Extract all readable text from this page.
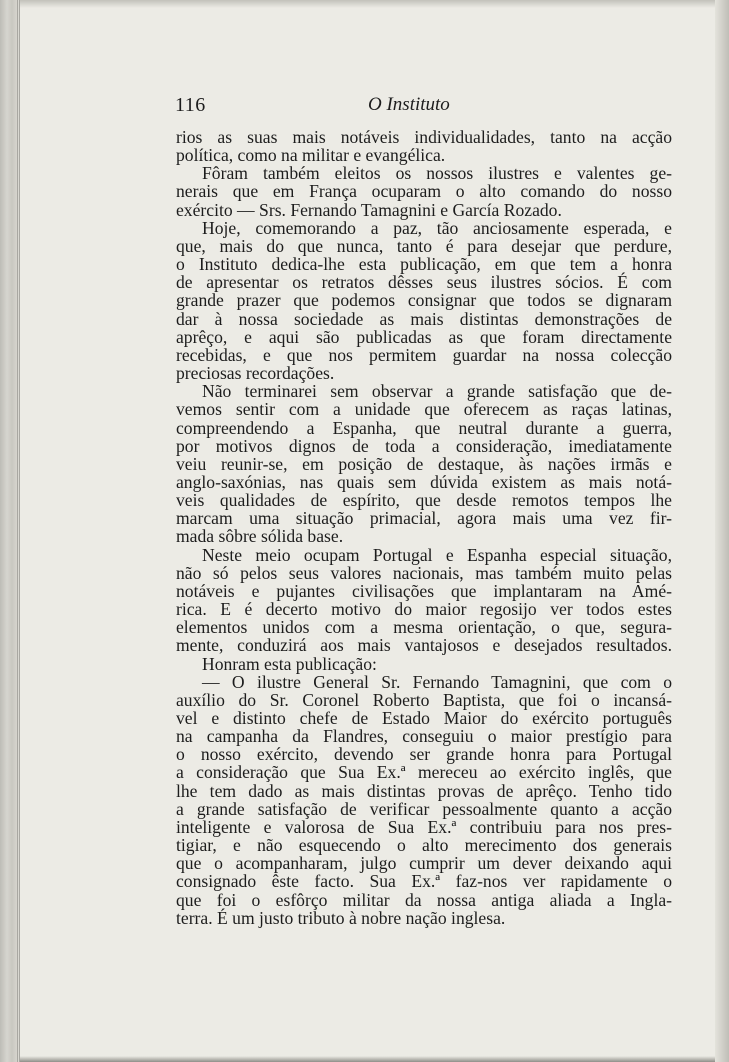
116	O Instituto
rios as suas mais notáveis individualidades, tanto na acção
política, como na militar e evangélica.
Fôram também eleitos os nossos ilustres e valentes ge-
nerais que em França ocuparam o alto comando do nosso
exército — Srs. Fernando Tamagnini e García Rozado.
Hoje, comemorando a paz, tão anciosamente esperada, e
que, mais do que nunca, tanto é para desejar que perdure,
o Instituto dedica-lhe esta publicação, em que tem a honra
de apresentar os retratos dêsses seus ilustres sócios. É com
grande prazer que podemos consignar que todos se dignaram
dar à nossa sociedade as mais distintas demonstrações de
aprêço, e aqui são publicadas as que foram directamente
recebidas, e que nos permitem guardar na nossa colecção
preciosas recordações.
Não terminarei sem observar a grande satisfação que de-
vemos sentir com a unidade que oferecem as raças latinas,
compreendendo a Espanha, que neutral durante a guerra,
por motivos dignos de toda a consideração, imediatamente
veiu reunir-se, em posição de destaque, às nações irmãs e
anglo-saxónias, nas quais sem dúvida existem as mais notá-
veis qualidades de espírito, que desde remotos tempos lhe
marcam uma situação primacial, agora mais uma vez fir-
mada sôbre sólida base.
Neste meio ocupam Portugal e Espanha especial situação,
não só pelos seus valores nacionais, mas também muito pelas
notáveis e pujantes civilisações que implantaram na Amé-
rica. E é decerto motivo do maior regosijo ver todos estes
elementos unidos com a mesma orientação, o que, segura-
mente, conduzirá aos mais vantajosos e desejados resultados.
Honram esta publicação:
— O ilustre General Sr. Fernando Tamagnini, que com o
auxílio do Sr. Coronel Roberto Baptista, que foi o incansá-
vel e distinto chefe de Estado Maior do exército português
na campanha da Flandres, conseguiu o maior prestígio para
o nosso exército, devendo ser grande honra para Portugal
a consideração que Sua Ex.ª mereceu ao exército inglês, que
lhe tem dado as mais distintas provas de aprêço. Tenho tido
a grande satisfação de verificar pessoalmente quanto a acção
inteligente e valorosa de Sua Ex.ª contribuiu para nos pres-
tigiar, e não esquecendo o alto merecimento dos generais
que o acompanharam, julgo cumprir um dever deixando aqui
consignado êste facto. Sua Ex.ª faz-nos ver rapidamente o
que foi o esfôrço militar da nossa antiga aliada a Ingla-
terra. É um justo tributo à nobre nação inglesa.
